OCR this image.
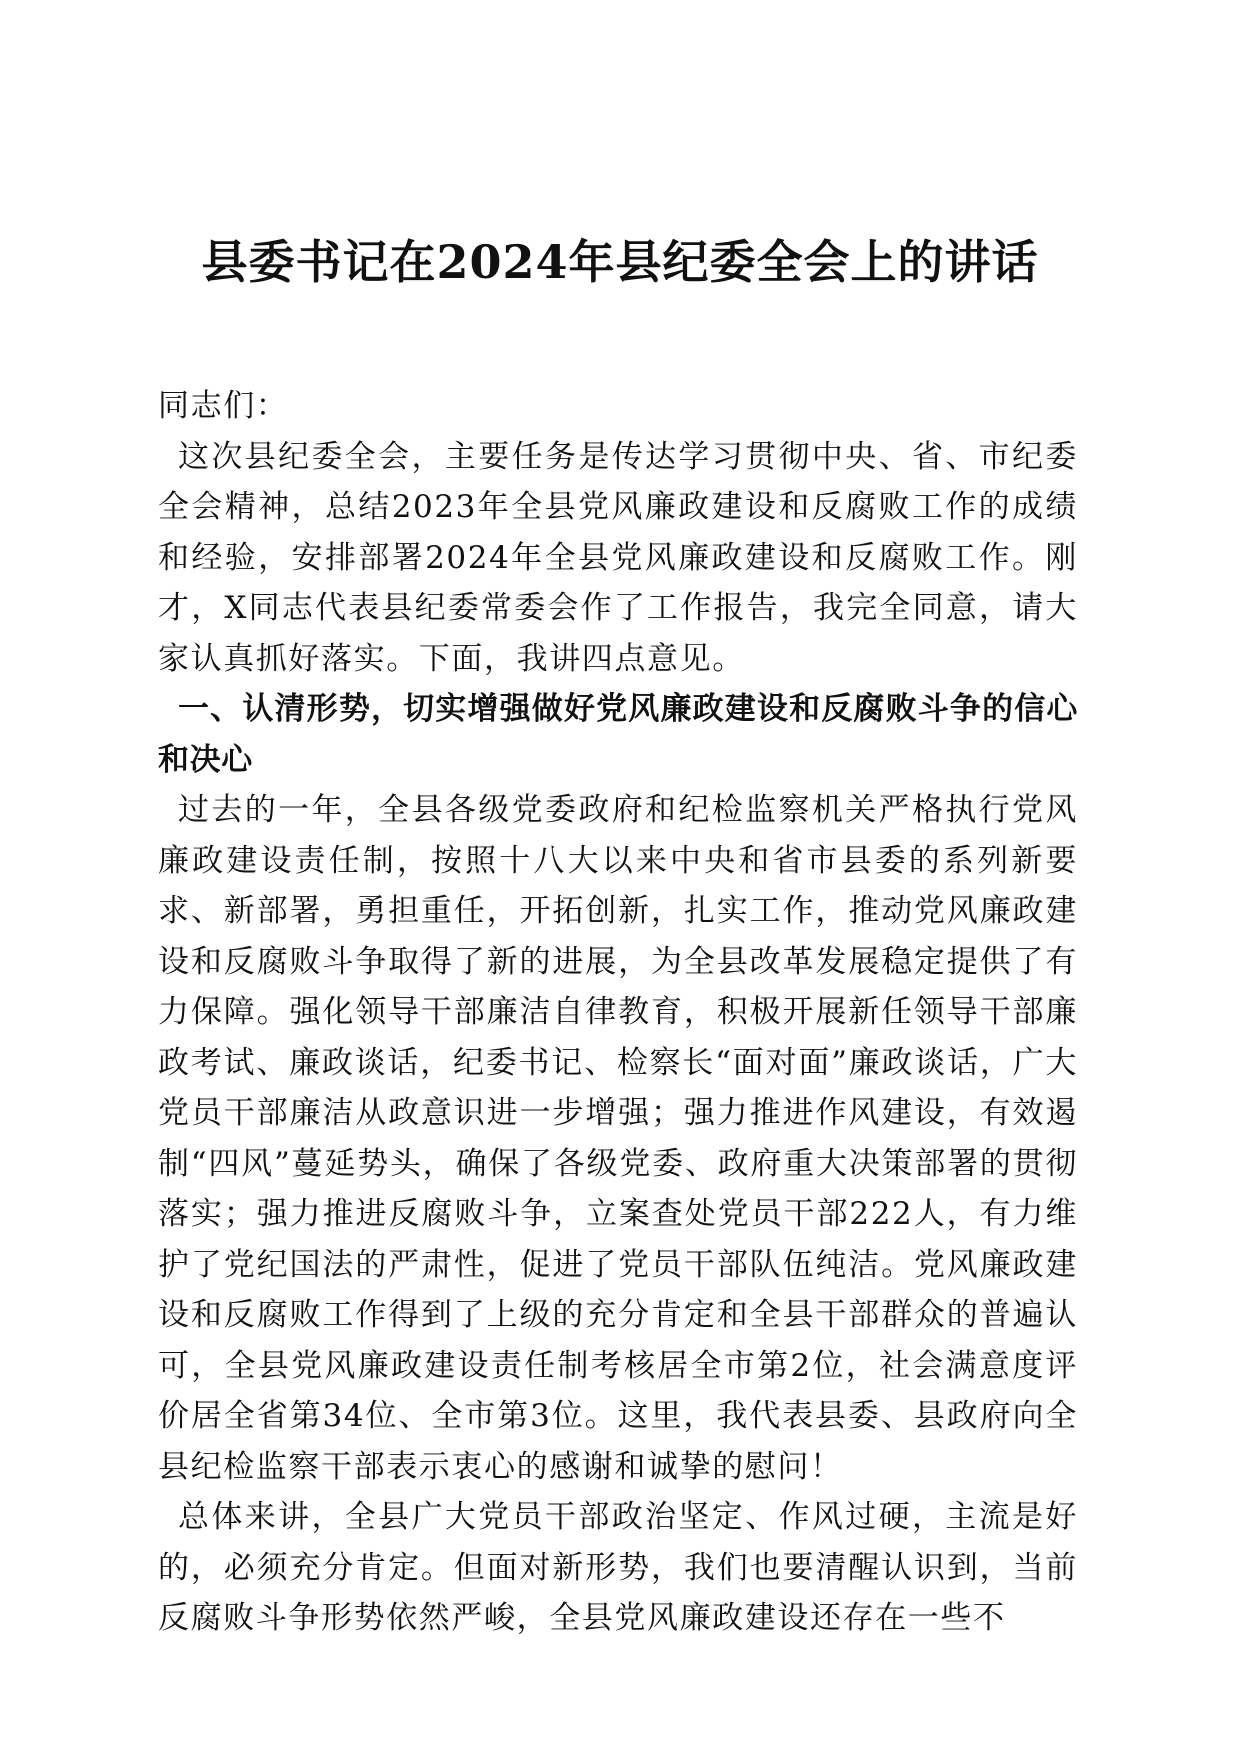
县委书记在2024年县纪委全会上的讲话

同志们：

这次县纪委全会，主要任务是传达学习贯彻中央、省、市纪委全会精神，总结2023年全县党风廉政建设和反腐败工作的成绩和经验，安排部署2024年全县党风廉政建设和反腐败工作。刚才，X同志代表县纪委常委会作了工作报告，我完全同意，请大家认真抓好落实。下面，我讲四点意见。

一、认清形势，切实增强做好党风廉政建设和反腐败斗争的信心和决心

过去的一年，全县各级党委政府和纪检监察机关严格执行党风廉政建设责任制，按照十八大以来中央和省市县委的系列新要求、新部署，勇担重任，开拓创新，扎实工作，推动党风廉政建设和反腐败斗争取得了新的进展，为全县改革发展稳定提供了有力保障。强化领导干部廉洁自律教育，积极开展新任领导干部廉政考试、廉政谈话，纪委书记、检察长“面对面”廉政谈话，广大党员干部廉洁从政意识进一步增强；强力推进作风建设，有效遏制“四风”蔓延势头，确保了各级党委、政府重大决策部署的贯彻落实；强力推进反腐败斗争，立案查处党员干部222人，有力维护了党纪国法的严肃性，促进了党员干部队伍纯洁。党风廉政建设和反腐败工作得到了上级的充分肯定和全县干部群众的普遍认可，全县党风廉政建设责任制考核居全市第2位，社会满意度评价居全省第34位、全市第3位。这里，我代表县委、县政府向全县纪检监察干部表示衷心的感谢和诚挚的慰问！

总体来讲，全县广大党员干部政治坚定、作风过硬，主流是好的，必须充分肯定。但面对新形势，我们也要清醒认识到，当前反腐败斗争形势依然严峻，全县党风廉政建设还存在一些不
